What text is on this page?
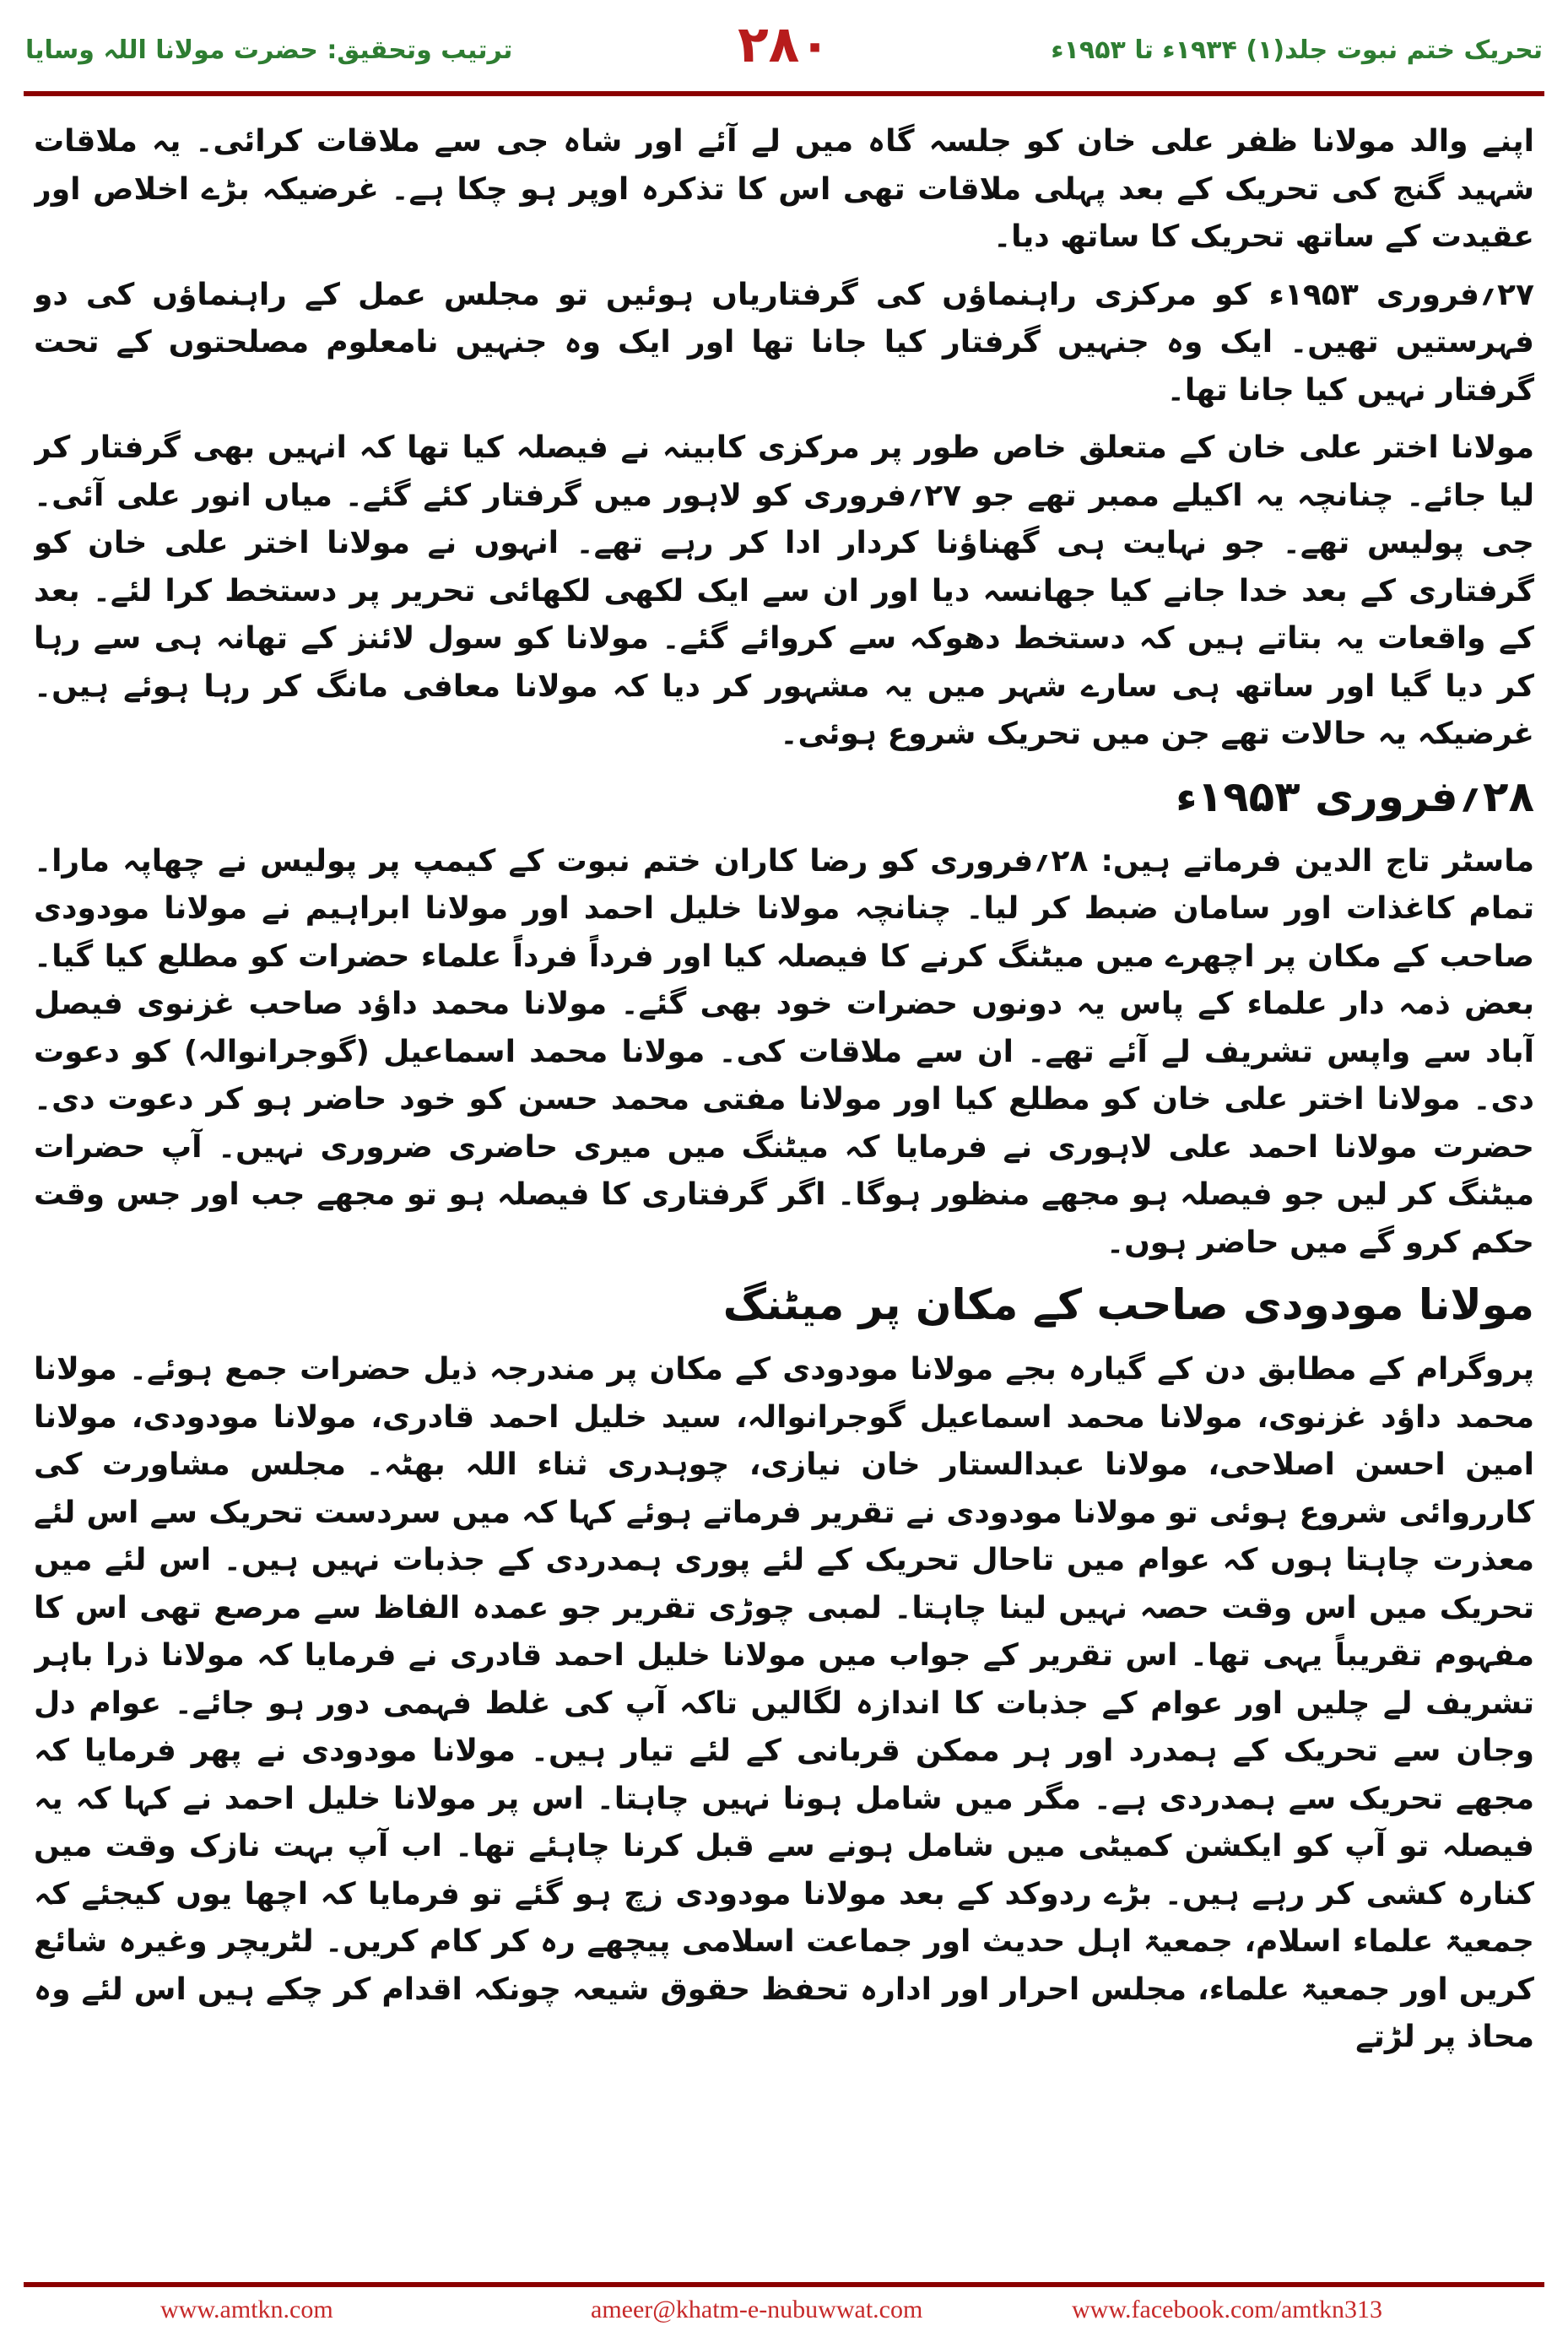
ترتیب وتحقیق: حضرت مولانا اللہ وسایا	۲۸۰	تحریک ختم نبوت جلد(۱) ۱۹۳۴ء تا ۱۹۵۳ء

اپنے والد مولانا ظفر علی خان کو جلسہ گاہ میں لے آئے اور شاہ جی سے ملاقات کرائی۔ یہ ملاقات شہید گنج کی تحریک کے بعد پہلی ملاقات تھی اس کا تذکرہ اوپر ہو چکا ہے۔ غرضیکہ بڑے اخلاص اور عقیدت کے ساتھ تحریک کا ساتھ دیا۔

۲۷؍فروری ۱۹۵۳ء کو مرکزی راہنماؤں کی گرفتاریاں ہوئیں تو مجلس عمل کے راہنماؤں کی دو فہرستیں تھیں۔ ایک وہ جنہیں گرفتار کیا جانا تھا اور ایک وہ جنہیں نامعلوم مصلحتوں کے تحت گرفتار نہیں کیا جانا تھا۔

مولانا اختر علی خان کے متعلق خاص طور پر مرکزی کابینہ نے فیصلہ کیا تھا کہ انہیں بھی گرفتار کر لیا جائے۔ چنانچہ یہ اکیلے ممبر تھے جو ۲۷؍فروری کو لاہور میں گرفتار کئے گئے۔ میاں انور علی آئی۔ جی پولیس تھے۔ جو نہایت ہی گھناؤنا کردار ادا کر رہے تھے۔ انہوں نے مولانا اختر علی خان کو گرفتاری کے بعد خدا جانے کیا جھانسہ دیا اور ان سے ایک لکھی لکھائی تحریر پر دستخط کرا لئے۔ بعد کے واقعات یہ بتاتے ہیں کہ دستخط دھوکہ سے کروائے گئے۔ مولانا کو سول لائنز کے تھانہ ہی سے رہا کر دیا گیا اور ساتھ ہی سارے شہر میں یہ مشہور کر دیا کہ مولانا معافی مانگ کر رہا ہوئے ہیں۔ غرضیکہ یہ حالات تھے جن میں تحریک شروع ہوئی۔

۲۸؍فروری ۱۹۵۳ء

ماسٹر تاج الدین فرماتے ہیں: ۲۸؍فروری کو رضا کاران ختم نبوت کے کیمپ پر پولیس نے چھاپہ مارا۔ تمام کاغذات اور سامان ضبط کر لیا۔ چنانچہ مولانا خلیل احمد اور مولانا ابراہیم نے مولانا مودودی صاحب کے مکان پر اچھرے میں میٹنگ کرنے کا فیصلہ کیا اور فرداً فرداً علماء حضرات کو مطلع کیا گیا۔ بعض ذمہ دار علماء کے پاس یہ دونوں حضرات خود بھی گئے۔ مولانا محمد داؤد صاحب غزنوی فیصل آباد سے واپس تشریف لے آئے تھے۔ ان سے ملاقات کی۔ مولانا محمد اسماعیل (گوجرانوالہ) کو دعوت دی۔ مولانا اختر علی خان کو مطلع کیا اور مولانا مفتی محمد حسن کو خود حاضر ہو کر دعوت دی۔ حضرت مولانا احمد علی لاہوری نے فرمایا کہ میٹنگ میں میری حاضری ضروری نہیں۔ آپ حضرات میٹنگ کر لیں جو فیصلہ ہو مجھے منظور ہوگا۔ اگر گرفتاری کا فیصلہ ہو تو مجھے جب اور جس وقت حکم کرو گے میں حاضر ہوں۔

مولانا مودودی صاحب کے مکان پر میٹنگ

پروگرام کے مطابق دن کے گیارہ بجے مولانا مودودی کے مکان پر مندرجہ ذیل حضرات جمع ہوئے۔ مولانا محمد داؤد غزنوی، مولانا محمد اسماعیل گوجرانوالہ، سید خلیل احمد قادری، مولانا مودودی، مولانا امین احسن اصلاحی، مولانا عبدالستار خان نیازی، چوہدری ثناء اللہ بھٹہ۔ مجلس مشاورت کی کارروائی شروع ہوئی تو مولانا مودودی نے تقریر فرماتے ہوئے کہا کہ میں سردست تحریک سے اس لئے معذرت چاہتا ہوں کہ عوام میں تاحال تحریک کے لئے پوری ہمدردی کے جذبات نہیں ہیں۔ اس لئے میں تحریک میں اس وقت حصہ نہیں لینا چاہتا۔ لمبی چوڑی تقریر جو عمدہ الفاظ سے مرصع تھی اس کا مفہوم تقریباً یہی تھا۔ اس تقریر کے جواب میں مولانا خلیل احمد قادری نے فرمایا کہ مولانا ذرا باہر تشریف لے چلیں اور عوام کے جذبات کا اندازہ لگالیں تاکہ آپ کی غلط فہمی دور ہو جائے۔ عوام دل وجان سے تحریک کے ہمدرد اور ہر ممکن قربانی کے لئے تیار ہیں۔ مولانا مودودی نے پھر فرمایا کہ مجھے تحریک سے ہمدردی ہے۔ مگر میں شامل ہونا نہیں چاہتا۔ اس پر مولانا خلیل احمد نے کہا کہ یہ فیصلہ تو آپ کو ایکشن کمیٹی میں شامل ہونے سے قبل کرنا چاہئے تھا۔ اب آپ بہت نازک وقت میں کنارہ کشی کر رہے ہیں۔ بڑے ردوکد کے بعد مولانا مودودی زچ ہو گئے تو فرمایا کہ اچھا یوں کیجئے کہ جمعیۃ علماء اسلام، جمعیۃ اہل حدیث اور جماعت اسلامی پیچھے رہ کر کام کریں۔ لٹریچر وغیرہ شائع کریں اور جمعیۃ علماء، مجلس احرار اور ادارہ تحفظ حقوق شیعہ چونکہ اقدام کر چکے ہیں اس لئے وہ محاذ پر لڑتے

www.amtkn.com	ameer@khatm-e-nubuwwat.com	www.facebook.com/amtkn313
